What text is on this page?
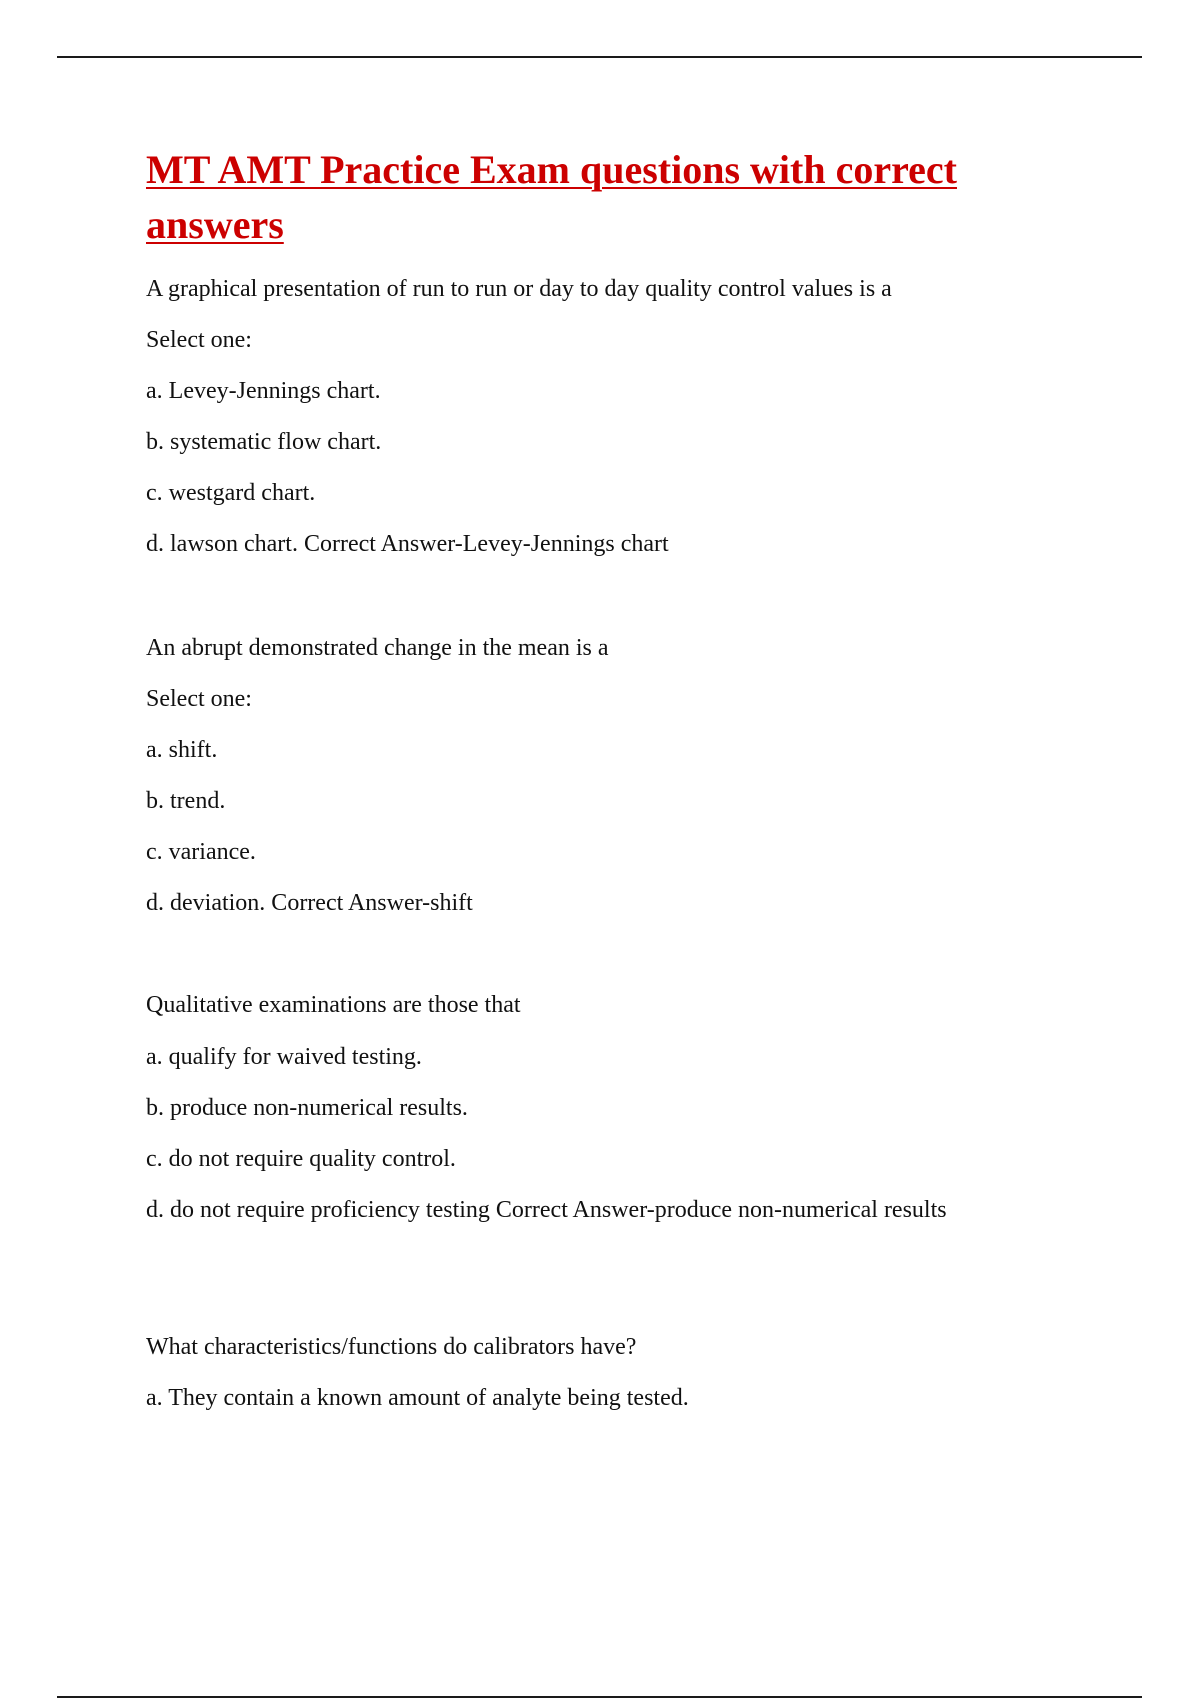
MT AMT Practice Exam questions with correct answers

A graphical presentation of run to run or day to day quality control values is a

Select one:

a. Levey-Jennings chart.

b. systematic flow chart.

c. westgard chart.

d. lawson chart. Correct Answer-Levey-Jennings chart

An abrupt demonstrated change in the mean is a

Select one:

a. shift.

b. trend.

c. variance.

d. deviation. Correct Answer-shift

Qualitative examinations are those that

a. qualify for waived testing.

b. produce non-numerical results.

c. do not require quality control.

d. do not require proficiency testing Correct Answer-produce non-numerical results

What characteristics/functions do calibrators have?

a. They contain a known amount of analyte being tested.
